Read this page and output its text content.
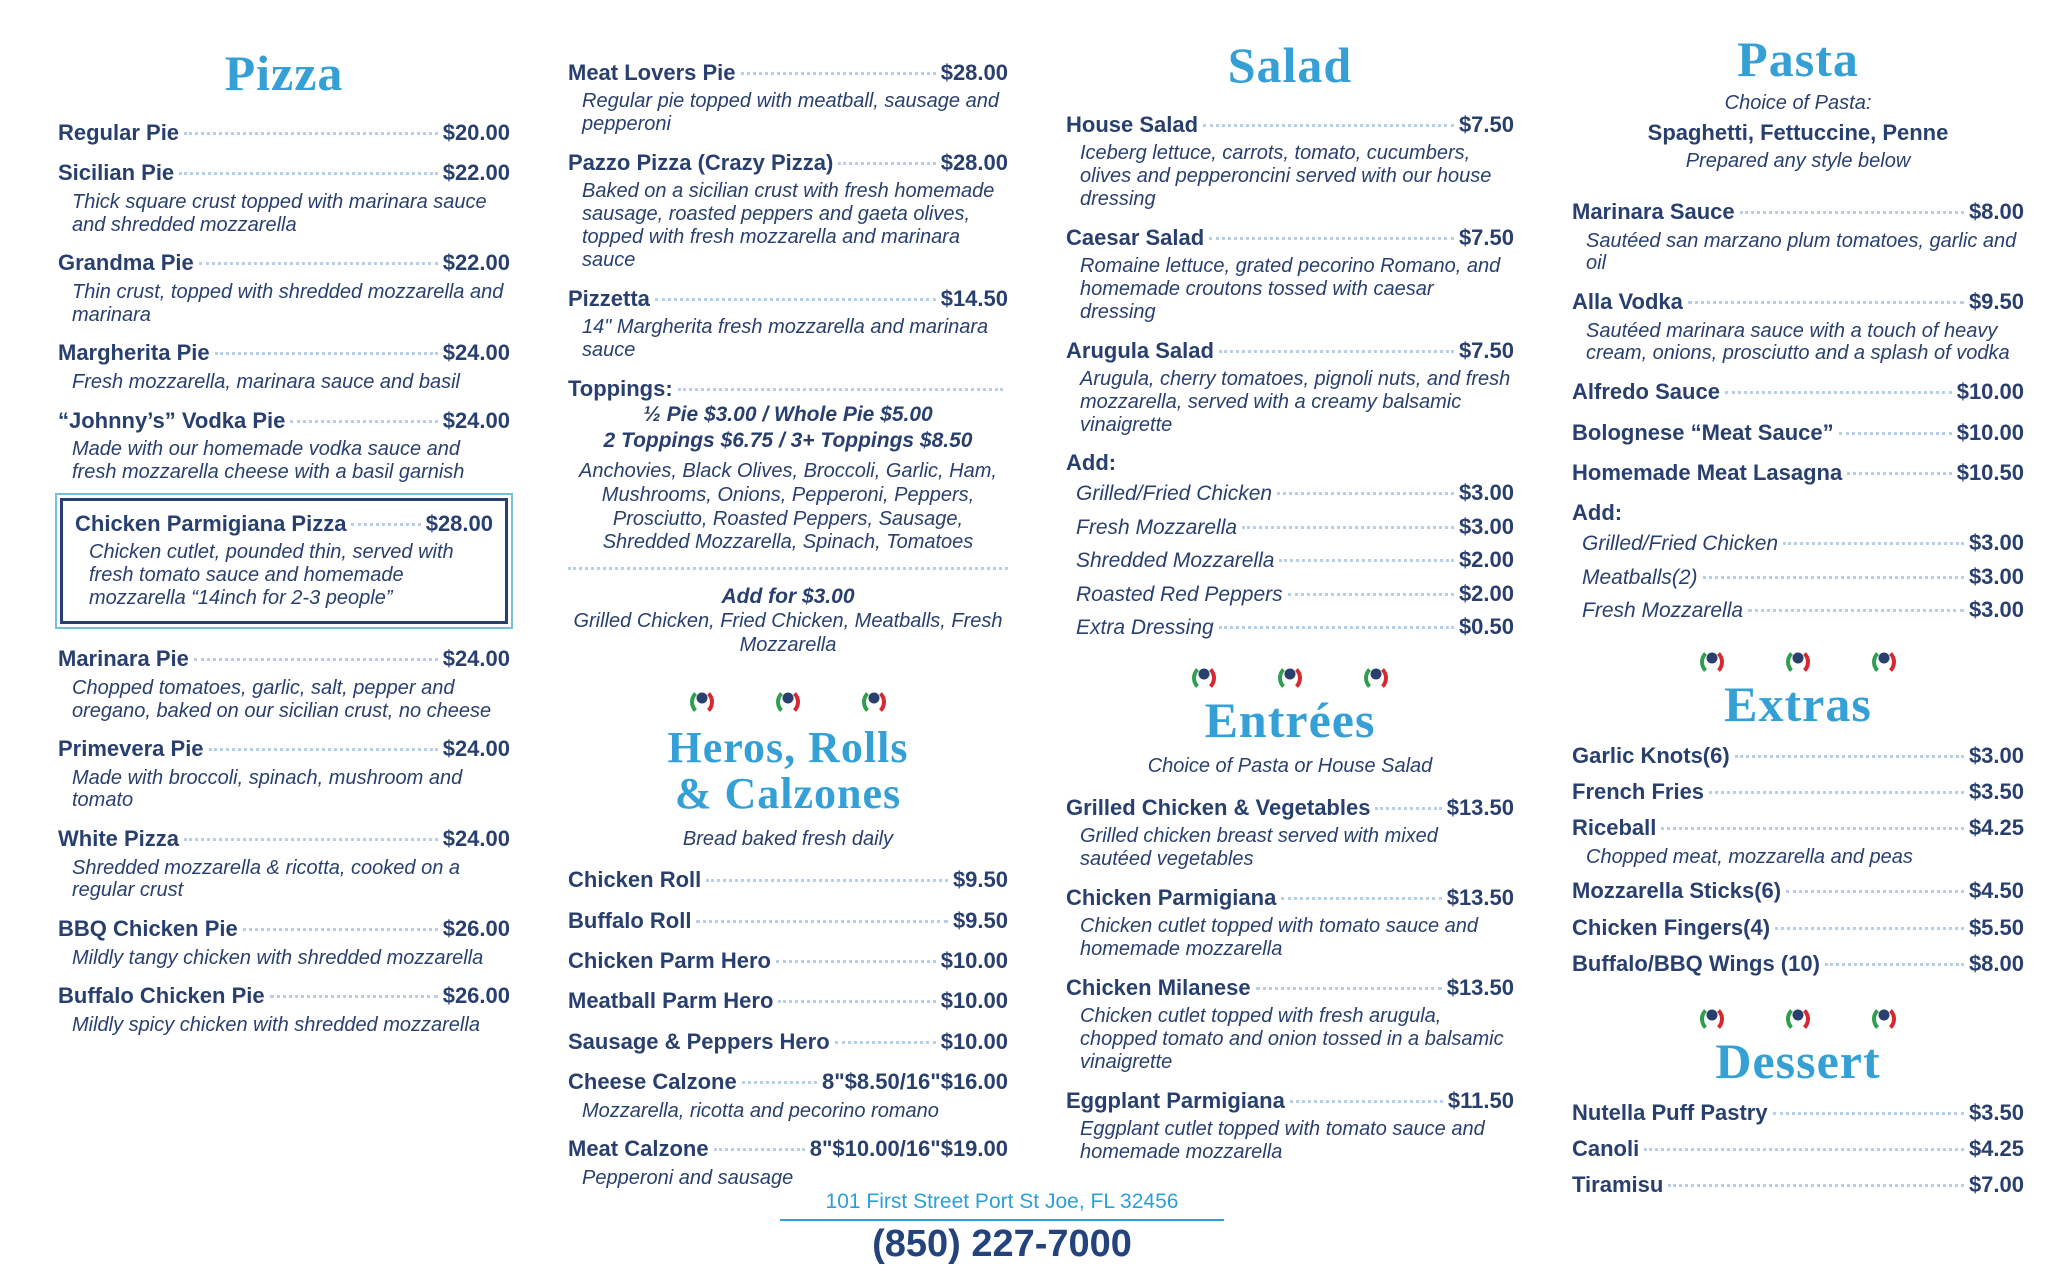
Pizza
Regular Pie	$20.00
Sicilian Pie	$22.00
Thick square crust topped with marinara sauce and shredded mozzarella
Grandma Pie	$22.00
Thin crust, topped with shredded mozzarella and marinara
Margherita Pie	$24.00
Fresh mozzarella, marinara sauce and basil
“Johnny’s” Vodka Pie	$24.00
Made with our homemade vodka sauce and fresh mozzarella cheese with a basil garnish
Chicken Parmigiana Pizza	$28.00
Chicken cutlet, pounded thin, served with fresh tomato sauce and homemade mozzarella “14inch for 2-3 people”
Marinara Pie	$24.00
Chopped tomatoes, garlic, salt, pepper and oregano, baked on our sicilian crust, no cheese
Primevera Pie	$24.00
Made with broccoli, spinach, mushroom and tomato
White Pizza	$24.00
Shredded mozzarella & ricotta, cooked on a regular crust
BBQ Chicken Pie	$26.00
Mildly tangy chicken with shredded mozzarella
Buffalo Chicken Pie	$26.00
Mildly spicy chicken with shredded mozzarella
Meat Lovers Pie	$28.00
Regular pie topped with meatball, sausage and pepperoni
Pazzo Pizza (Crazy Pizza)	$28.00
Baked on a sicilian crust with fresh homemade sausage, roasted peppers and gaeta olives, topped with fresh mozzarella and marinara sauce
Pizzetta	$14.50
14" Margherita fresh mozzarella and marinara sauce
Toppings:
½ Pie $3.00 / Whole Pie $5.00
2 Toppings $6.75 / 3+ Toppings $8.50
Anchovies, Black Olives, Broccoli, Garlic, Ham, Mushrooms, Onions, Pepperoni, Peppers, Prosciutto, Roasted Peppers, Sausage, Shredded Mozzarella, Spinach, Tomatoes
Add for $3.00
Grilled Chicken, Fried Chicken, Meatballs, Fresh Mozzarella
Heros, Rolls
& Calzones
Bread baked fresh daily
Chicken Roll	$9.50
Buffalo Roll	$9.50
Chicken Parm Hero	$10.00
Meatball Parm Hero	$10.00
Sausage & Peppers Hero	$10.00
Cheese Calzone	8"$8.50/16"$16.00
Mozzarella, ricotta and pecorino romano
Meat Calzone	8"$10.00/16"$19.00
Pepperoni and sausage
Salad
House Salad	$7.50
Iceberg lettuce, carrots, tomato, cucumbers, olives and pepperoncini served with our house dressing
Caesar Salad	$7.50
Romaine lettuce, grated pecorino Romano, and homemade croutons tossed with caesar dressing
Arugula Salad	$7.50
Arugula, cherry tomatoes, pignoli nuts, and fresh mozzarella, served with a creamy balsamic vinaigrette
Add:
Grilled/Fried Chicken	$3.00
Fresh Mozzarella	$3.00
Shredded Mozzarella	$2.00
Roasted Red Peppers	$2.00
Extra Dressing	$0.50
Entrées
Choice of Pasta or House Salad
Grilled Chicken & Vegetables	$13.50
Grilled chicken breast served with mixed sautéed vegetables
Chicken Parmigiana	$13.50
Chicken cutlet topped with tomato sauce and homemade mozzarella
Chicken Milanese	$13.50
Chicken cutlet topped with fresh arugula, chopped tomato and onion tossed in a balsamic vinaigrette
Eggplant Parmigiana	$11.50
Eggplant cutlet topped with tomato sauce and homemade mozzarella
Pasta
Choice of Pasta:
Spaghetti, Fettuccine, Penne
Prepared any style below
Marinara Sauce	$8.00
Sautéed san marzano plum tomatoes, garlic and oil
Alla Vodka	$9.50
Sautéed marinara sauce with a touch of heavy cream, onions, prosciutto and a splash of vodka
Alfredo Sauce	$10.00
Bolognese “Meat Sauce”	$10.00
Homemade Meat Lasagna	$10.50
Add:
Grilled/Fried Chicken	$3.00
Meatballs(2)	$3.00
Fresh Mozzarella	$3.00
Extras
Garlic Knots(6)	$3.00
French Fries	$3.50
Riceball	$4.25
Chopped meat, mozzarella and peas
Mozzarella Sticks(6)	$4.50
Chicken Fingers(4)	$5.50
Buffalo/BBQ Wings (10)	$8.00
Dessert
Nutella Puff Pastry	$3.50
Canoli	$4.25
Tiramisu	$7.00
101 First Street Port St Joe, FL 32456
(850) 227-7000
